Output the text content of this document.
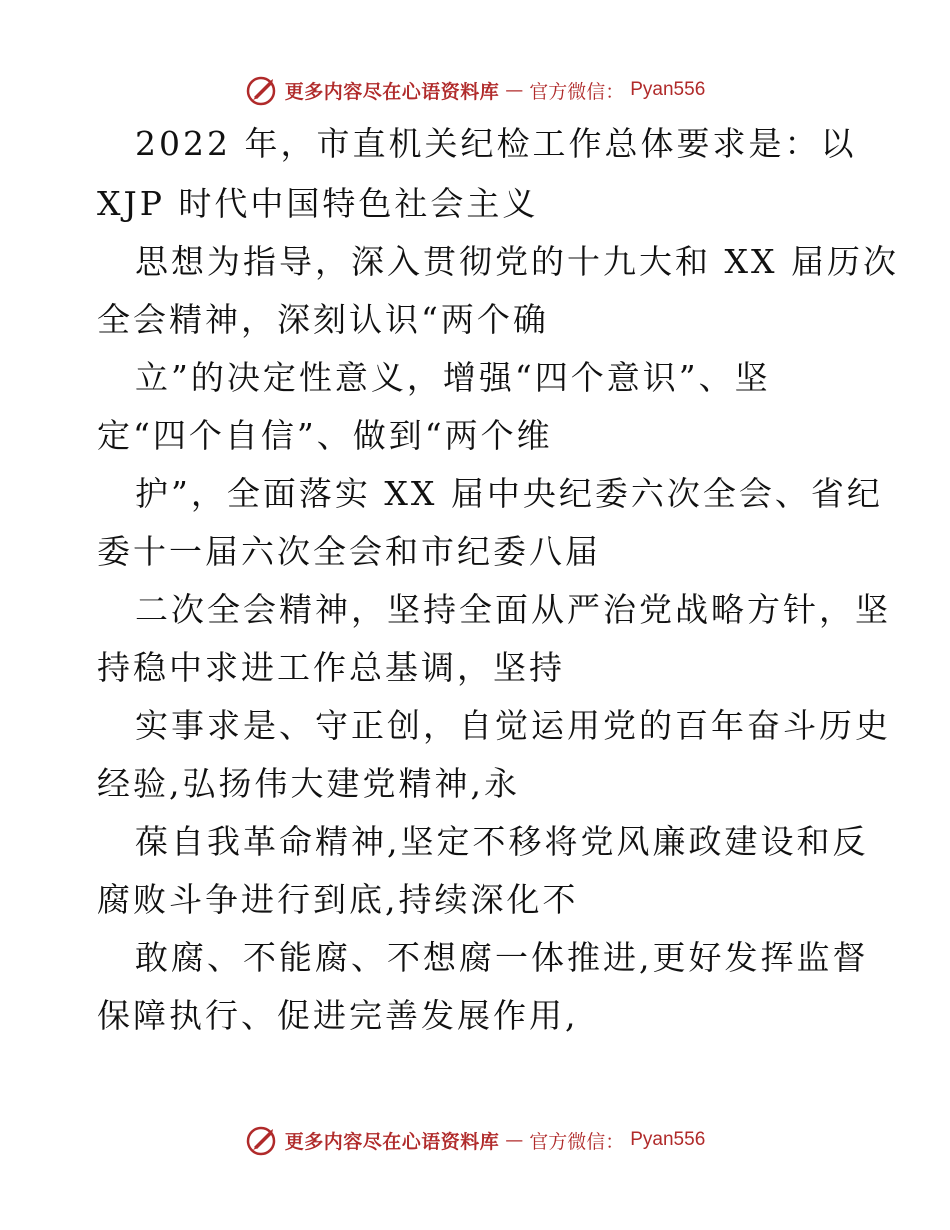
更多内容尽在心语资料库 — 官方微信： Pyan556
2022 年，市直机关纪检工作总体要求是：以
XJP 时代中国特色社会主义
思想为指导，深入贯彻党的十九大和 XX 届历次
全会精神，深刻认识“两个确
立”的决定性意义，增强“四个意识”、坚
定“四个自信”、做到“两个维
护”，全面落实 XX 届中央纪委六次全会、省纪
委十一届六次全会和市纪委八届
二次全会精神，坚持全面从严治党战略方针，坚
持稳中求进工作总基调，坚持
实事求是、守正创，自觉运用党的百年奋斗历史
经验,弘扬伟大建党精神,永
葆自我革命精神,坚定不移将党风廉政建设和反
腐败斗争进行到底,持续深化不
敢腐、不能腐、不想腐一体推进,更好发挥监督
保障执行、促进完善发展作用,
更多内容尽在心语资料库 — 官方微信： Pyan556
